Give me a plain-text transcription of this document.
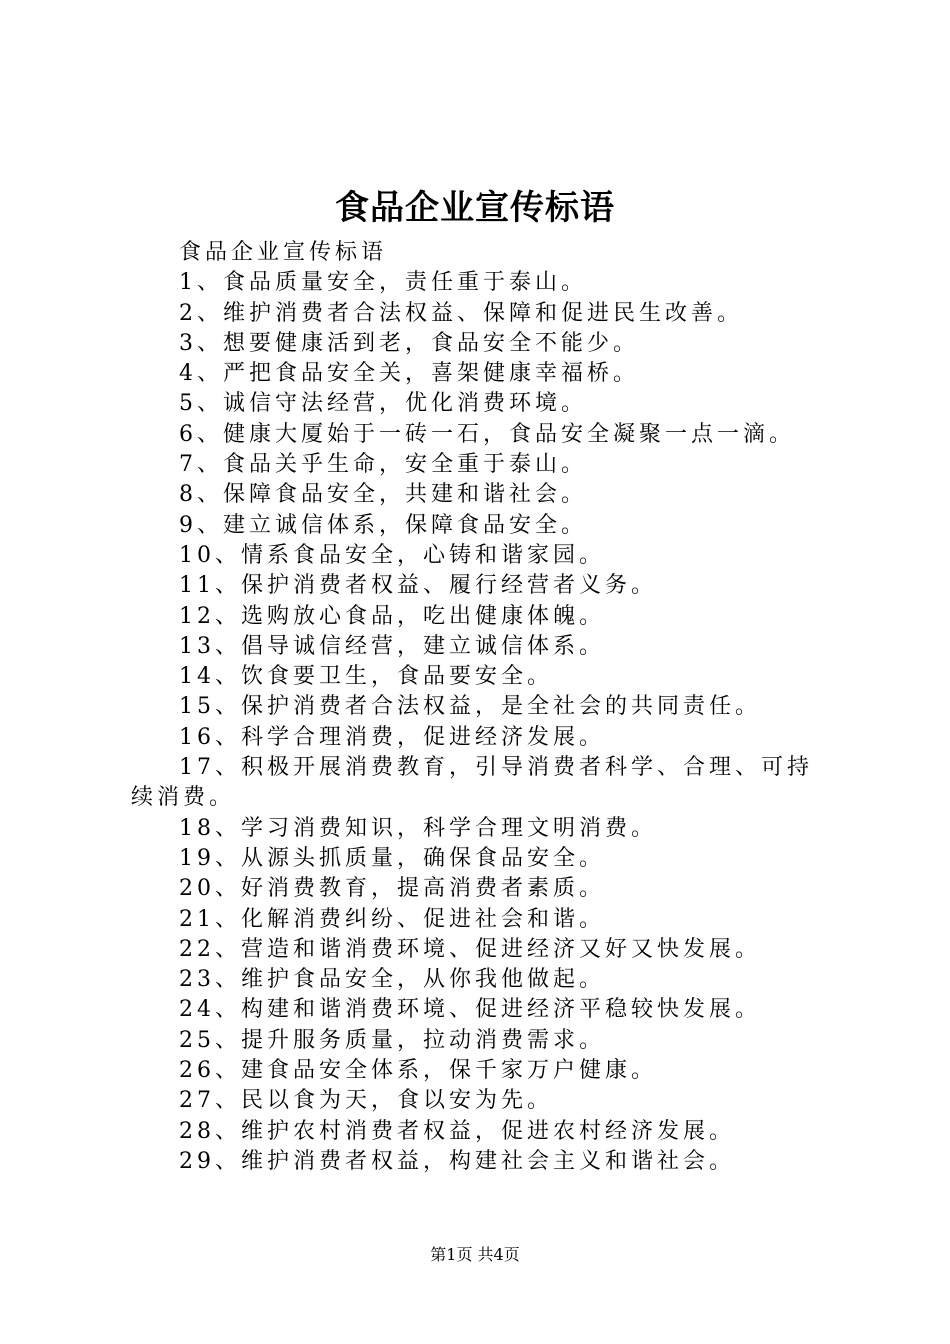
食品企业宣传标语

食品企业宣传标语

1、食品质量安全，责任重于泰山。

2、维护消费者合法权益、保障和促进民生改善。

3、想要健康活到老，食品安全不能少。

4、严把食品安全关，喜架健康幸福桥。

5、诚信守法经营，优化消费环境。

6、健康大厦始于一砖一石，食品安全凝聚一点一滴。

7、食品关乎生命，安全重于泰山。

8、保障食品安全，共建和谐社会。

9、建立诚信体系，保障食品安全。

10、情系食品安全，心铸和谐家园。

11、保护消费者权益、履行经营者义务。

12、选购放心食品，吃出健康体魄。

13、倡导诚信经营，建立诚信体系。

14、饮食要卫生，食品要安全。

15、保护消费者合法权益，是全社会的共同责任。

16、科学合理消费，促进经济发展。

17、积极开展消费教育，引导消费者科学、合理、可持续消费。

18、学习消费知识，科学合理文明消费。

19、从源头抓质量，确保食品安全。

20、好消费教育，提高消费者素质。

21、化解消费纠纷、促进社会和谐。

22、营造和谐消费环境、促进经济又好又快发展。

23、维护食品安全，从你我他做起。

24、构建和谐消费环境、促进经济平稳较快发展。

25、提升服务质量，拉动消费需求。

26、建食品安全体系，保千家万户健康。

27、民以食为天，食以安为先。

28、维护农村消费者权益，促进农村经济发展。

29、维护消费者权益，构建社会主义和谐社会。

第1页 共4页
